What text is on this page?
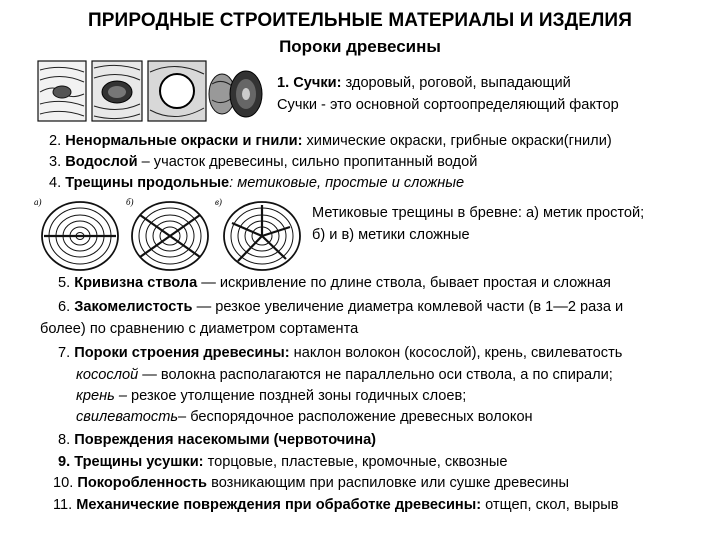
ПРИРОДНЫЕ СТРОИТЕЛЬНЫЕ МАТЕРИАЛЫ И ИЗДЕЛИЯ
Пороки древесины
1. Сучки: здоровый, роговой, выпадающий
Сучки - это основной сортоопределяющий фактор
2. Ненормальные окраски и гнили: химические окраски, грибные окраски(гнили)
3. Водослой – участок древесины, сильно пропитанный водой
4. Трещины продольные: метиковые, простые и сложные
а)	б)	в)
Метиковые трещины в бревне: а) метик простой;
б) и в) метики сложные
5. Кривизна ствола — искривление по длине ствола, бывает простая и сложная
6. Закомелистость — резкое увеличение диаметра комлевой части (в 1—2 раза и
более) по сравнению с диаметром сортамента
7. Пороки строения древесины: наклон волокон (косослой), крень, свилеватость
косослой — волокна располагаются не параллельно оси ствола, а по спирали;
крень – резкое утолщение поздней зоны годичных слоев;
свилеватость– беспорядочное расположение древесных волокон
8. Повреждения насекомыми (червоточина)
9. Трещины усушки: торцовые, пластевые, кромочные, сквозные
10. Покоробленность возникающим при распиловке или сушке древесины
11. Механические повреждения при обработке древесины: отщеп, скол, вырыв
